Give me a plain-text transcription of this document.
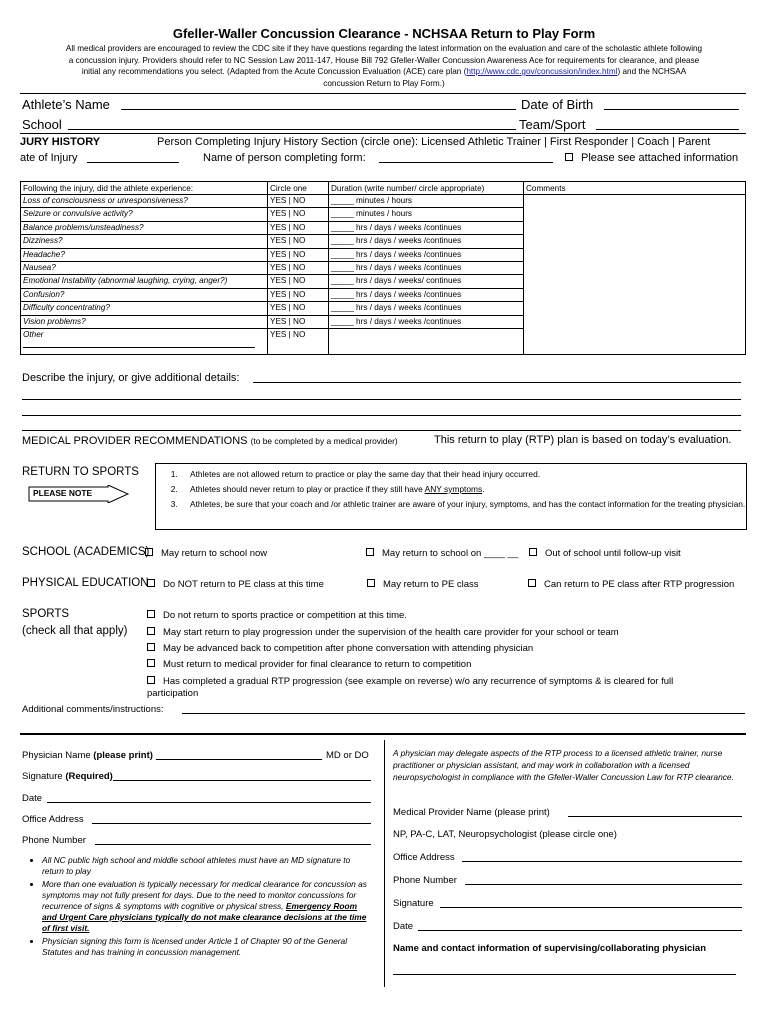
Gfeller-Waller Concussion Clearance - NCHSAA Return to Play Form
All medical providers are encouraged to review the CDC site if they have questions regarding the latest information on the evaluation and care of the scholastic athlete following
a concussion injury. Providers should refer to NC Session Law 2011-147, House Bill 792 Gfeller-Waller Concussion Awareness Ace for requirements for clearance, and please
initial any recommendations you select. (Adapted from the Acute Concussion Evaluation (ACE) care plan (http://www.cdc.gov/concussion/index.html) and the NCHSAA
concussion Return to Play Form.)
Athlete’s Name	Date of Birth
School	Team/Sport
JURY HISTORY	Person Completing Injury History Section (circle one): Licensed Athletic Trainer | First Responder | Coach | Parent
ate of Injury	Name of person completing form:	Please see attached information
Following the injury, did the athlete experience:	Circle one	Duration (write number/ circle appropriate)	Comments
Loss of consciousness or unresponsiveness?	YES | NO	_____ minutes / hours	
Seizure or convulsive activity?	YES | NO	_____ minutes / hours	
Balance problems/unsteadiness?	YES | NO	_____ hrs / days / weeks /continues	
Dizziness?	YES | NO	_____ hrs / days / weeks /continues	
Headache?	YES | NO	_____ hrs / days / weeks /continues	
Nausea?	YES | NO	_____ hrs / days / weeks /continues	
Emotional Instability (abnormal laughing, crying, anger?)	YES | NO	_____ hrs / days / weeks/ continues	
Confusion?	YES | NO	_____ hrs / days / weeks /continues	
Difficulty concentrating?	YES | NO	_____ hrs / days / weeks /continues	
Vision problems?	YES | NO	_____ hrs / days / weeks /continues	

Other	YES | NO		
Describe the injury, or give additional details:
MEDICAL PROVIDER RECOMMENDATIONS (to be completed by a medical provider)	This return to play (RTP) plan is based on today’s evaluation.
RETURN TO SPORTS
PLEASE NOTE
1. Athletes are not allowed return to practice or play the same day that their head injury occurred.
2. Athletes should never return to play or practice if they still have ANY symptoms.
3. Athletes, be sure that your coach and /or athletic trainer are aware of your injury, symptoms, and has the contact information for the treating physician.
SCHOOL (ACADEMICS)	May return to school now	May return to school on ____ __	Out of school until follow-up visit
PHYSICAL EDUCATION	Do NOT return to PE class at this time	May return to PE class	Can return to PE class after RTP progression
SPORTS
(check all that apply)
Do not return to sports practice or competition at this time.
May start return to play progression under the supervision of the health care provider for your school or team
May be advanced back to competition after phone conversation with attending physician
Must return to medical provider for final clearance to return to competition
Has completed a gradual RTP progression (see example on reverse) w/o any recurrence of symptoms & is cleared for full participation
Additional comments/instructions:
Physician Name (please print)	MD or DO
Signature (Required)
Date
Office Address
Phone Number
• All NC public high school and middle school athletes must have an MD signature to return to play
• More than one evaluation is typically necessary for medical clearance for concussion as symptoms may not fully present for days. Due to the need to monitor concussions for recurrence of signs & symptoms with cognitive or physical stress, Emergency Room and Urgent Care physicians typically do not make clearance decisions at the time of first visit.
• Physician signing this form is licensed under Article 1 of Chapter 90 of the General Statutes and has training in concussion management.
A physician may delegate aspects of the RTP process to a licensed athletic trainer, nurse practitioner or physician assistant, and may work in collaboration with a licensed neuropsychologist in compliance with the Gfeller-Waller Concussion Law for RTP clearance.
Medical Provider Name (please print)
NP, PA-C, LAT, Neuropsychologist (please circle one)
Office Address
Phone Number
Signature
Date
Name and contact information of supervising/collaborating physician
